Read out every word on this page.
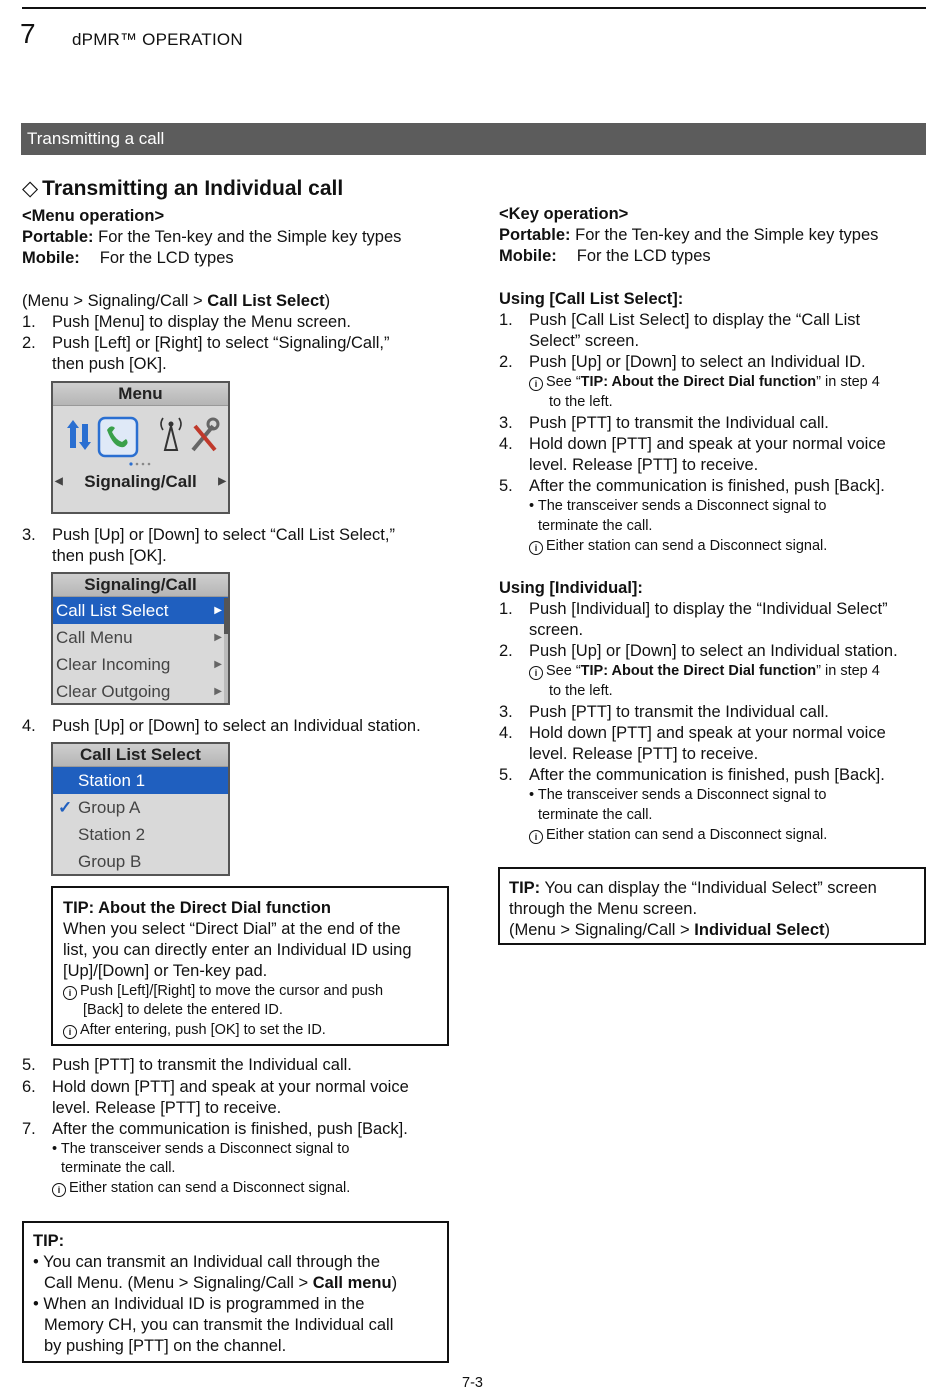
7 dPMR™ OPERATION
Transmitting a call
◇ Transmitting an Individual call
<Menu operation>
Portable: For the Ten-key and the Simple key types
Mobile: For the LCD types
(Menu > Signaling/Call > Call List Select)
1. Push [Menu] to display the Menu screen.
2. Push [Left] or [Right] to select “Signaling/Call,”
then push [OK].
Menu
◀ Signaling/Call ▶
3. Push [Up] or [Down] to select “Call List Select,”
then push [OK].
Signaling/Call
Call List Select	▶
Call Menu	▶
Clear Incoming	▶
Clear Outgoing	▶
4. Push [Up] or [Down] to select an Individual station.
Call List Select
Station 1
✓ Group A
Station 2
Group B
TIP: About the Direct Dial function
When you select “Direct Dial” at the end of the
list, you can directly enter an Individual ID using
[Up]/[Down] or Ten-key pad.
i Push [Left]/[Right] to move the cursor and push
[Back] to delete the entered ID.
i After entering, push [OK] to set the ID.
5. Push [PTT] to transmit the Individual call.
6. Hold down [PTT] and speak at your normal voice
level. Release [PTT] to receive.
7. After the communication is finished, push [Back].
• The transceiver sends a Disconnect signal to
terminate the call.
i Either station can send a Disconnect signal.
TIP:
• You can transmit an Individual call through the
Call Menu. (Menu > Signaling/Call > Call menu)
• When an Individual ID is programmed in the
Memory CH, you can transmit the Individual call
by pushing [PTT] on the channel.
<Key operation>
Portable: For the Ten-key and the Simple key types
Mobile: For the LCD types
Using [Call List Select]:
1. Push [Call List Select] to display the “Call List
Select” screen.
2. Push [Up] or [Down] to select an Individual ID.
i See “TIP: About the Direct Dial function” in step 4
to the left.
3. Push [PTT] to transmit the Individual call.
4. Hold down [PTT] and speak at your normal voice
level. Release [PTT] to receive.
5. After the communication is finished, push [Back].
• The transceiver sends a Disconnect signal to
terminate the call.
i Either station can send a Disconnect signal.
Using [Individual]:
1. Push [Individual] to display the “Individual Select”
screen.
2. Push [Up] or [Down] to select an Individual station.
i See “TIP: About the Direct Dial function” in step 4
to the left.
3. Push [PTT] to transmit the Individual call.
4. Hold down [PTT] and speak at your normal voice
level. Release [PTT] to receive.
5. After the communication is finished, push [Back].
• The transceiver sends a Disconnect signal to
terminate the call.
i Either station can send a Disconnect signal.
TIP: You can display the “Individual Select” screen
through the Menu screen.
(Menu > Signaling/Call > Individual Select)
7-3
